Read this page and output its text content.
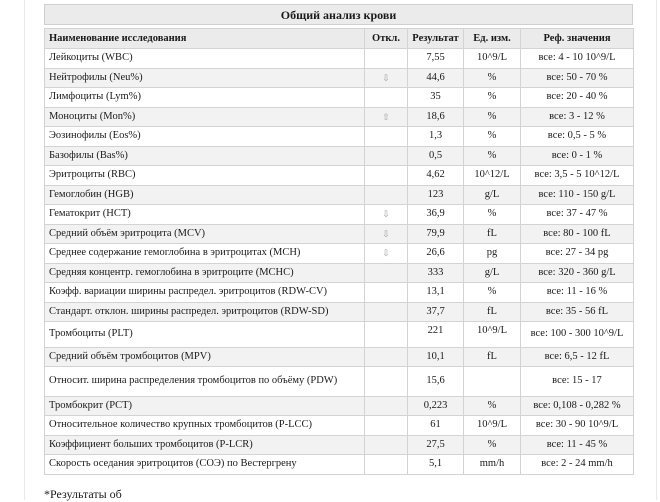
Общий анализ крови
Наименование исследования	Откл.	Результат	Ед. изм.	Реф. значения
Лейкоциты (WBC)		7,55	10^9/L	все: 4 - 10 10^9/L
Нейтрофилы (Neu%)	⇩	44,6	%	все: 50 - 70 %
Лимфоциты (Lym%)		35	%	все: 20 - 40 %
Моноциты (Mon%)	⇧	18,6	%	все: 3 - 12 %
Эозинофилы (Eos%)		1,3	%	все: 0,5 - 5 %
Базофилы (Bas%)		0,5	%	все: 0 - 1 %
Эритроциты (RBC)		4,62	10^12/L	все: 3,5 - 5 10^12/L
Гемоглобин (HGB)		123	g/L	все: 110 - 150 g/L
Гематокрит (HCT)	⇩	36,9	%	все: 37 - 47 %
Средний объём эритроцита (MCV)	⇩	79,9	fL	все: 80 - 100 fL
Среднее содержание гемоглобина в эритроцитах (MCH)	⇩	26,6	pg	все: 27 - 34 pg
Средняя концентр. гемоглобина в эритроците (MCHC)		333	g/L	все: 320 - 360 g/L
Коэфф. вариации ширины распредел. эритроцитов (RDW-CV)		13,1	%	все: 11 - 16 %
Стандарт. отклон. ширины распредел. эритроцитов (RDW-SD)		37,7	fL	все: 35 - 56 fL
Тромбоциты (PLT)		221	10^9/L	все: 100 - 300 10^9/L
Средний объём тромбоцитов (MPV)		10,1	fL	все: 6,5 - 12 fL
Относит. ширина распределения тромбоцитов по объёму (PDW)		15,6		все: 15 - 17
Тромбокрит (PCT)		0,223	%	все: 0,108 - 0,282 %
Относительное количество крупных тромбоцитов (P-LCC)		61	10^9/L	все: 30 - 90 10^9/L
Коэффициент больших тромбоцитов (P-LCR)		27,5	%	все: 11 - 45 %
Скорость оседания эритроцитов (СОЭ) по Вестергрену		5,1	mm/h	все: 2 - 24 mm/h
*Результаты об
